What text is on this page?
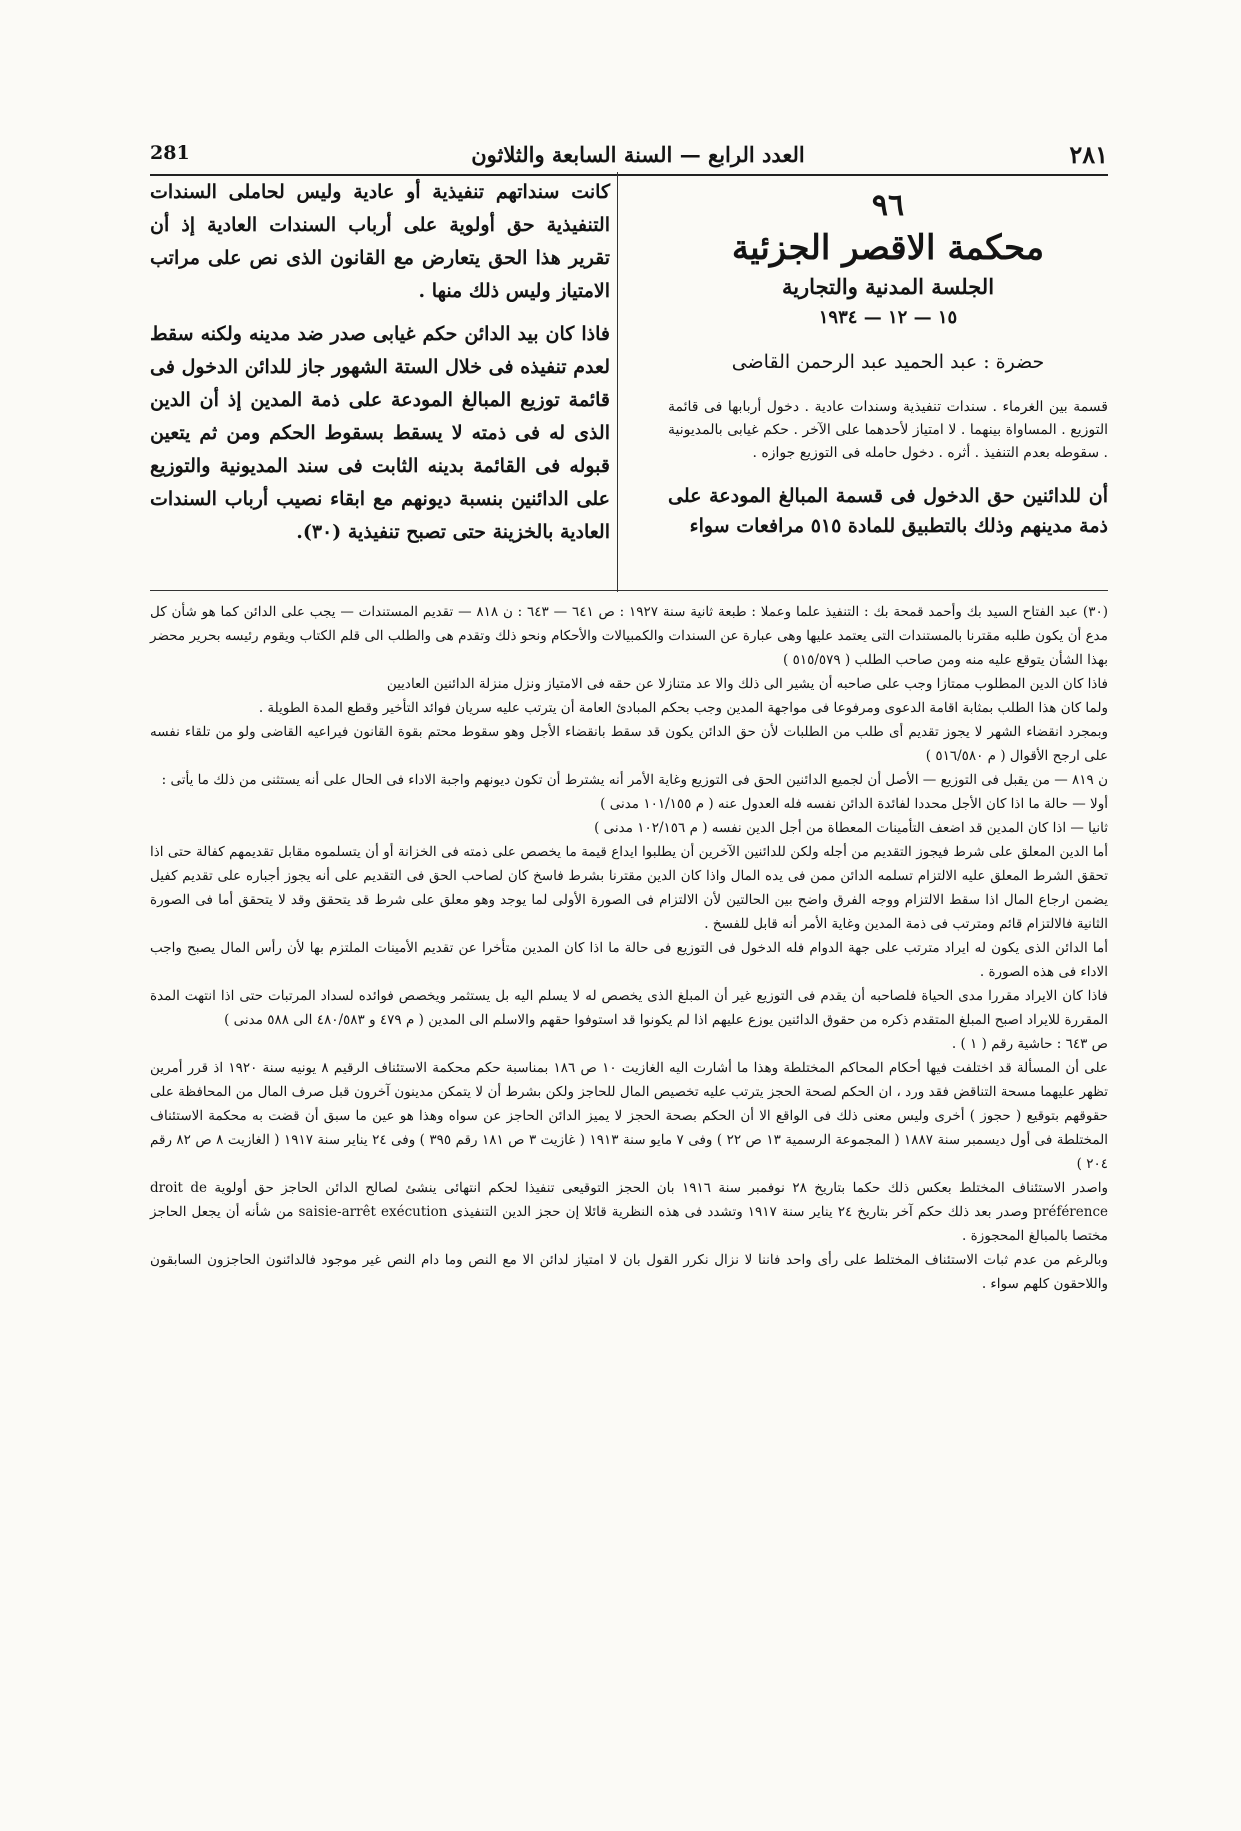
٢٨١
العدد الرابع — السنة السابعة والثلاثون
281

٩٦

محكمة الاقصر الجزئية

الجلسة المدنية والتجارية

١٥ — ١٢ — ١٩٣٤

حضرة : عبد الحميد عبد الرحمن القاضى

قسمة بين الغرماء . سندات تنفيذية وسندات عادية . دخول أربابها فى قائمة التوزيع . المساواة بينهما . لا امتياز لأحدهما على الآخر . حكم غيابى بالمديونية . سقوطه بعدم التنفيذ . أثره . دخول حامله فى التوزيع جوازه .

أن للدائنين حق الدخول فى قسمة المبالغ المودعة على ذمة مدينهم وذلك بالتطبيق للمادة ٥١٥ مرافعات سواء

كانت سنداتهم تنفيذية أو عادية وليس لحاملى السندات التنفيذية حق أولوية على أرباب السندات العادية إذ أن تقرير هذا الحق يتعارض مع القانون الذى نص على مراتب الامتياز وليس ذلك منها .

فاذا كان بيد الدائن حكم غيابى صدر ضد مدينه ولكنه سقط لعدم تنفيذه فى خلال الستة الشهور جاز للدائن الدخول فى قائمة توزيع المبالغ المودعة على ذمة المدين إذ أن الدين الذى له فى ذمته لا يسقط بسقوط الحكم ومن ثم يتعين قبوله فى القائمة بدينه الثابت فى سند المديونية والتوزيع على الدائنين بنسبة ديونهم مع ابقاء نصيب أرباب السندات العادية بالخزينة حتى تصبح تنفيذية (٣٠).

(٣٠) عبد الفتاح السيد بك وأحمد قمحة بك : التنفيذ علما وعملا : طبعة ثانية سنة ١٩٢٧ : ص ٦٤١ — ٦٤٣ : ن ٨١٨ — تقديم المستندات — يجب على الدائن كما هو شأن كل مدع أن يكون طلبه مقترنا بالمستندات التى يعتمد عليها وهى عبارة عن السندات والكمبيالات والأحكام ونحو ذلك وتقدم هى والطلب الى قلم الكتاب ويقوم رئيسه بحرير محضر بهذا الشأن يتوقع عليه منه ومن صاحب الطلب ( ٥١٥/٥٧٩ )

فاذا كان الدين المطلوب ممتازا وجب على صاحبه أن يشير الى ذلك والا عد متنازلا عن حقه فى الامتياز ونزل منزلة الدائنين العاديين

ولما كان هذا الطلب بمثابة اقامة الدعوى ومرفوعا فى مواجهة المدين وجب بحكم المبادئ العامة أن يترتب عليه سريان فوائد التأخير وقطع المدة الطويلة .

وبمجرد انقضاء الشهر لا يجوز تقديم أى طلب من الطلبات لأن حق الدائن يكون قد سقط بانقضاء الأجل وهو سقوط محتم بقوة القانون فيراعيه القاضى ولو من تلقاء نفسه على ارجح الأقوال ( م ٥١٦/٥٨٠ )

ن ٨١٩ — من يقبل فى التوزيع — الأصل أن لجميع الدائنين الحق فى التوزيع وغاية الأمر أنه يشترط أن تكون ديونهم واجبة الاداء فى الحال على أنه يستثنى من ذلك ما يأتى :

أولا — حالة ما اذا كان الأجل محددا لفائدة الدائن نفسه فله العدول عنه ( م ١٠١/١٥٥ مدنى )

ثانيا — اذا كان المدين قد اضعف التأمينات المعطاة من أجل الدين نفسه ( م ١٠٢/١٥٦ مدنى )

أما الدين المعلق على شرط فيجوز التقديم من أجله ولكن للدائنين الآخرين أن يطلبوا ايداع قيمة ما يخصص على ذمته فى الخزانة أو أن يتسلموه مقابل تقديمهم كفالة حتى اذا تحقق الشرط المعلق عليه الالتزام تسلمه الدائن ممن فى يده المال واذا كان الدين مقترنا بشرط فاسخ كان لصاحب الحق فى التقديم على أنه يجوز أجباره على تقديم كفيل يضمن ارجاع المال اذا سقط الالتزام ووجه الفرق واضح بين الحالتين لأن الالتزام فى الصورة الأولى لما يوجد وهو معلق على شرط قد يتحقق وقد لا يتحقق أما فى الصورة الثانية فالالتزام قائم ومترتب فى ذمة المدين وغاية الأمر أنه قابل للفسخ .

أما الدائن الذى يكون له ايراد مترتب على جهة الدوام فله الدخول فى التوزيع فى حالة ما اذا كان المدين متأخرا عن تقديم الأمينات الملتزم بها لأن رأس المال يصبح واجب الاداء فى هذه الصورة .

فاذا كان الايراد مقررا مدى الحياة فلصاحبه أن يقدم فى التوزيع غير أن المبلغ الذى يخصص له لا يسلم اليه بل يستثمر ويخصص فوائده لسداد المرتبات حتى اذا انتهت المدة المقررة للايراد اصبح المبلغ المتقدم ذكره من حقوق الدائنين يوزع عليهم اذا لم يكونوا قد استوفوا حقهم والاسلم الى المدين ( م ٤٧٩ و ٤٨٠/٥٨٣ الى ٥٨٨ مدنى )

ص ٦٤٣ : حاشية رقم ( ١ ) .

على أن المسألة قد اختلفت فيها أحكام المحاكم المختلطة وهذا ما أشارت اليه الغازيت ١٠ ص ١٨٦ بمناسبة حكم محكمة الاستئناف الرقيم ٨ يونيه سنة ١٩٢٠ اذ قرر أمرين تظهر عليهما مسحة التناقض فقد ورد ، ان الحكم لصحة الحجز يترتب عليه تخصيص المال للحاجز ولكن بشرط أن لا يتمكن مدينون آخرون قبل صرف المال من المحافظة على حقوقهم بتوقيع ( حجوز ) أخرى وليس معنى ذلك فى الواقع الا أن الحكم بصحة الحجز لا يميز الدائن الحاجز عن سواه وهذا هو عين ما سبق أن قضت به محكمة الاستئناف المختلطة فى أول ديسمبر سنة ١٨٨٧ ( المجموعة الرسمية ١٣ ص ٢٢ ) وفى ٧ مايو سنة ١٩١٣ ( غازيت ٣ ص ١٨١ رقم ٣٩٥ ) وفى ٢٤ يناير سنة ١٩١٧ ( الغازيت ٨ ص ٨٢ رقم ٢٠٤ )

واصدر الاستئناف المختلط بعكس ذلك حكما بتاريخ ٢٨ نوفمبر سنة ١٩١٦ بان الحجز التوقيعى تنفيذا لحكم انتهائى ينشئ لصالح الدائن الحاجز حق أولوية droit de préférence وصدر بعد ذلك حكم آخر بتاريخ ٢٤ يناير سنة ١٩١٧ وتشدد فى هذه النظرية قائلا إن حجز الدين التنفيذى saisie-arrêt exécution من شأنه أن يجعل الحاجز مختصا بالمبالغ المحجوزة .

وبالرغم من عدم ثبات الاستئناف المختلط على رأى واحد فاننا لا نزال نكرر القول بان لا امتياز لدائن الا مع النص وما دام النص غير موجود فالدائنون الحاجزون السابقون واللاحقون كلهم سواء .
